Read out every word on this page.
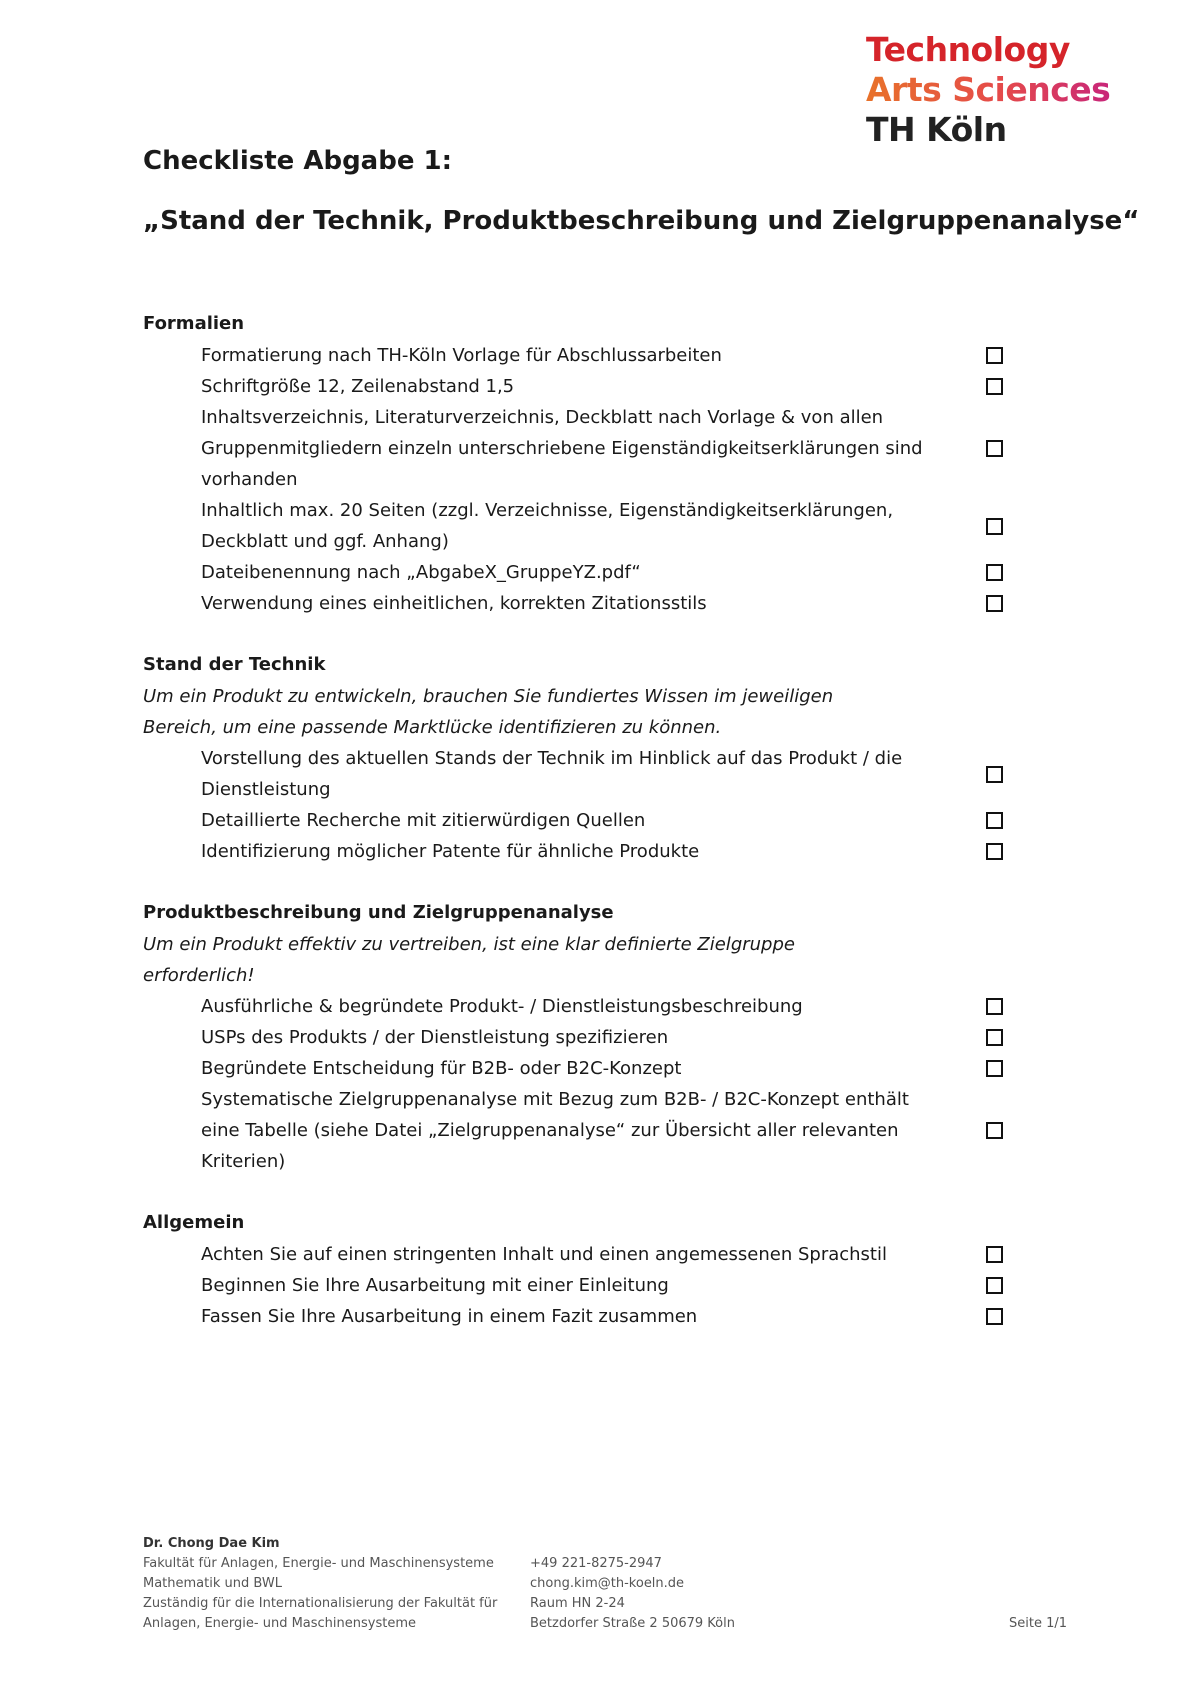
Technology
Arts Sciences
TH Köln
Checkliste Abgabe 1:
„Stand der Technik, Produktbeschreibung und Zielgruppenanalyse“
Formalien
Formatierung nach TH-Köln Vorlage für Abschlussarbeiten
Schriftgröße 12, Zeilenabstand 1,5
Inhaltsverzeichnis, Literaturverzeichnis, Deckblatt nach Vorlage & von allen Gruppenmitgliedern einzeln unterschriebene Eigenständigkeitserklärungen sind vorhanden
Inhaltlich max. 20 Seiten (zzgl. Verzeichnisse, Eigenständigkeitserklärungen, Deckblatt und ggf. Anhang)
Dateibenennung nach „AbgabeX_GruppeYZ.pdf“
Verwendung eines einheitlichen, korrekten Zitationsstils
Stand der Technik

Um ein Produkt zu entwickeln, brauchen Sie fundiertes Wissen im jeweiligen Bereich, um eine passende Marktlücke identifizieren zu können.

Vorstellung des aktuellen Stands der Technik im Hinblick auf das Produkt / die Dienstleistung
Detaillierte Recherche mit zitierwürdigen Quellen
Identifizierung möglicher Patente für ähnliche Produkte
Produktbeschreibung und Zielgruppenanalyse

Um ein Produkt effektiv zu vertreiben, ist eine klar definierte Zielgruppe erforderlich!

Ausführliche & begründete Produkt- / Dienstleistungsbeschreibung
USPs des Produkts / der Dienstleistung spezifizieren
Begründete Entscheidung für B2B- oder B2C-Konzept
Systematische Zielgruppenanalyse mit Bezug zum B2B- / B2C-Konzept enthält eine Tabelle (siehe Datei „Zielgruppenanalyse“ zur Übersicht aller relevanten Kriterien)
Allgemein
Achten Sie auf einen stringenten Inhalt und einen angemessenen Sprachstil
Beginnen Sie Ihre Ausarbeitung mit einer Einleitung
Fassen Sie Ihre Ausarbeitung in einem Fazit zusammen
Dr. Chong Dae Kim
Fakultät für Anlagen, Energie- und Maschinensysteme
Mathematik und BWL
Zuständig für die Internationalisierung der Fakultät für
Anlagen, Energie- und Maschinensysteme
+49 221-8275-2947
chong.kim@th-koeln.de
Raum HN 2-24
Betzdorfer Straße 2 50679 Köln	Seite 1/1
